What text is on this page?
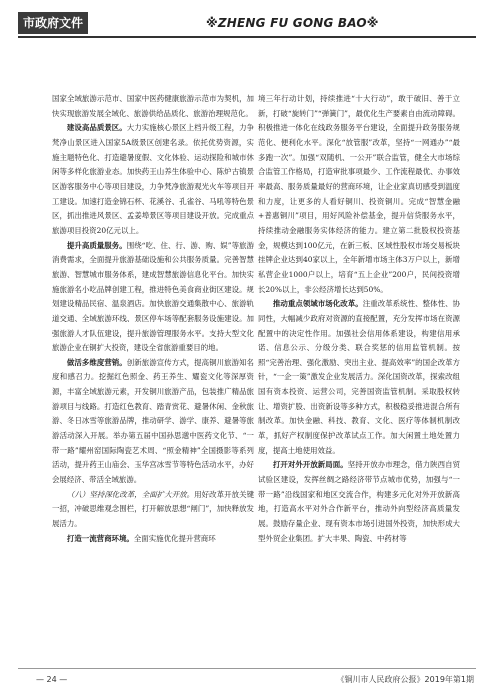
市政府文件	※ZHENG FU GONG BAO※

国家全域旅游示范市、国家中医药健康旅游示范市为契机，加快实现旅游发展全域化、旅游供给品质化、旅游治理规范化。

建设高品质景区。大力实施核心景区上档升级工程，力争梵净山景区进入国家5A级景区创建名录。依托优势资源，实施主题特色化、打造避暑度假、文化体验、运动探险和城市休闲等多样化旅游业态。加快药王山养生体验中心、陈炉古镇景区游客服务中心等项目建设，力争梵净旅游观光火车等项目开工建设。加速打造金锦石杯、花溪谷、孔雀谷、马吼等特色景区，抓出推进风景区、孟姜埠景区等项目建设开放。完成重点旅游项目投资20亿元以上。

提升高质量服务。围绕“吃、住、行、游、购、娱”等旅游消费需求，全面提升旅游基础设施和公共服务质量。完善智慧旅游、智慧城市服务体系，建成智慧旅游信息化平台。加快实施旅游名小吃品牌创建工程，推进特色美食商业街区建设。规划建设精品民宿、温泉酒店。加快旅游交通集散中心、旅游轨道交通、全域旅游环线、景区停车场等配套服务设施建设。加强旅游人才队伍建设，提升旅游管理服务水平。支持大型文化旅游企业在铜扩大投资，建设全省旅游重要目的地。

做活多维度营销。创新旅游宣传方式，提高铜川旅游知名度和感召力。挖掘红色照金、药王养生、耀瓷文化等深厚资源，丰富全域旅游元素，开发铜川旅游产品，包装推广精品旅游项目与线路。打造红色教育、踏青赏花、避暑休闲、金秋旅游、冬日冰雪等旅游品牌，推动研学、游学、康养、避暑等旅游活动深入开展。举办第五届中国孙思邈中医药文化节、“一带一路”耀州窑国际陶瓷艺术周、“照金精神”全国摄影等系列活动，提升药王山庙会、玉华宫冰雪节等特色活动水平，办好会展经济、带活全域旅游。

（八）坚持深化改革，全面扩大开放。用好改革开放关键一招，冲破思维观念围栏，打开解放思想“闸门”，加快释放发展活力。

打造一流营商环境。全面实施优化提升营商环

境三年行动计划，持续推进“十大行动”，敢于破旧、善于立新，打破“旋转门”“弹簧门”，最优化生产要素自由流动障碍。积极推进一体化在线政务服务平台建设，全面提升政务服务规范化、便利化水平。深化“放管服”改革，坚持“一网通办”“最多跑一次”。加强“双随机、一公开”联合监管，健全大市场综合监管工作格局，打造审批事项最少、工作流程最优、办事效率最高、服务质量最好的营商环境，让企业家真切感受到温度和力度，让更多的人看好铜川、投资铜川。完成“智慧金融+普惠铜川”项目，用好风险补偿基金，提升信贷服务水平，持续推动金融服务实体经济的能力。建立第二批股权投资基金，规模达到100亿元，在新三板、区域性股权市场交易板块挂牌企业达到40家以上，全年新增市场主体3万户以上，新增私营企业1000户以上，培育“五上企业”200户，民间投资增长20%以上，非公经济增长达到50%。

推动重点领域市场化改革。注重改革系统性、整体性、协同性，大幅减少政府对资源的直接配置，充分发挥市场在资源配置中的决定性作用。加强社会信用体系建设，构建信用承诺、信息公示、分级分类、联合奖惩的信用监管机制。按照“完善治理、强化激励、突出主业、提高效率”的国企改革方针，“一企一策”激发企业发展活力。深化国资改革，探索改组国有资本投资、运营公司，完善国资监管机制。采取股权转让、增资扩股、出资新设等多种方式，积极稳妥推进混合所有制改革。加快金融、科技、教育、文化、医疗等体制机制改革，抓好产权制度保护改革试点工作。加大闲置土地处置力度，提高土地使用效益。

打开对外开放新局面。坚持开放办市理念，借力陕西自贸试验区建设，发挥丝绸之路经济带节点城市优势，加强与“一带一路”沿线国家和地区交流合作，构建多元化对外开放新高地，打造高水平对外合作新平台，推动外向型经济高质量发展。鼓励存量企业、现有资本市场引进国外投资，加快形成大型外贸企业集团。扩大丰果、陶瓷、中药材等

— 24 —	《铜川市人民政府公报》2019年第1期
